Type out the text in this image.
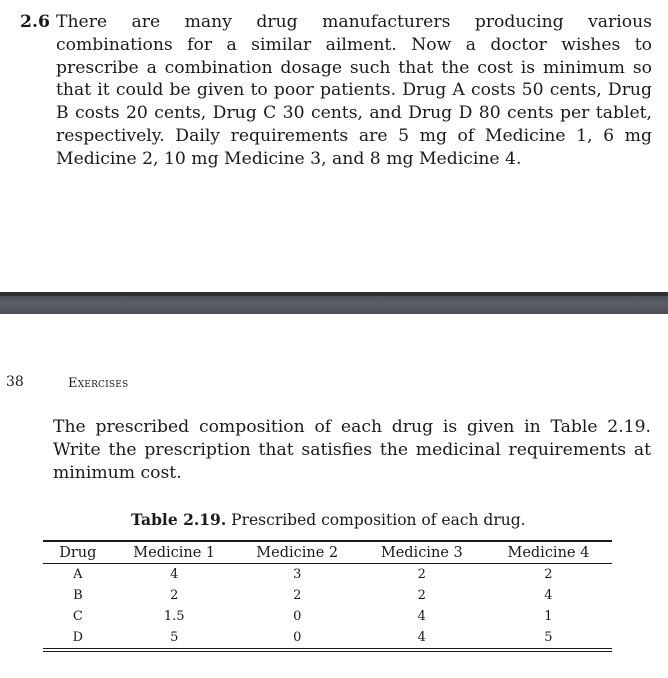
2.6 There are many drug manufacturers producing various combinations for a similar ailment. Now a doctor wishes to prescribe a combination dosage such that the cost is minimum so that it could be given to poor patients. Drug A costs 50 cents, Drug B costs 20 cents, Drug C 30 cents, and Drug D 80 cents per tablet, respectively. Daily requirements are 5 mg of Medicine 1, 6 mg Medicine 2, 10 mg Medicine 3, and 8 mg Medicine 4.
38	Exercises
The prescribed composition of each drug is given in Table 2.19. Write the prescription that satisfies the medicinal requirements at minimum cost.
Table 2.19. Prescribed composition of each drug.
Drug	Medicine 1	Medicine 2	Medicine 3	Medicine 4
A	4	3	2	2
B	2	2	2	4
C	1.5	0	4	1
D	5	0	4	5
